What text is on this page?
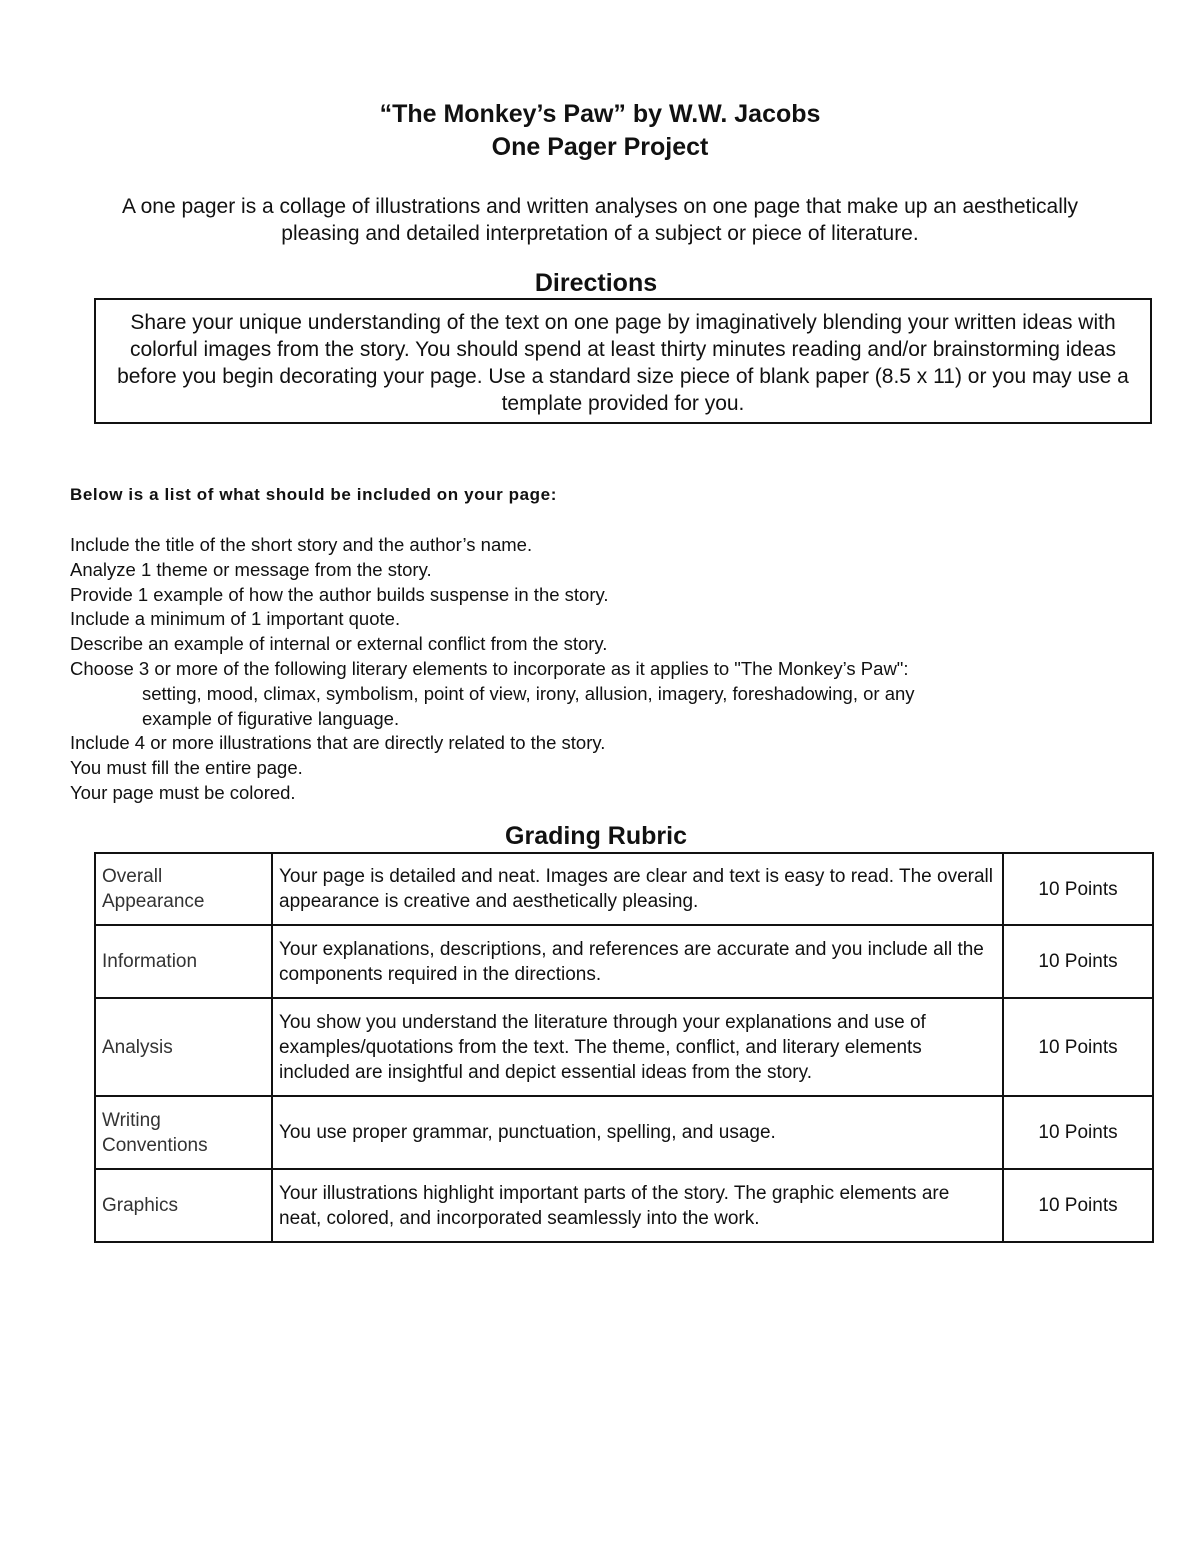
“The Monkey’s Paw” by W.W. Jacobs
One Pager Project
A one pager is a collage of illustrations and written analyses on one page that make up an aesthetically pleasing and detailed interpretation of a subject or piece of literature.
Directions
Share your unique understanding of the text on one page by imaginatively blending your written ideas with colorful images from the story. You should spend at least thirty minutes reading and/or brainstorming ideas before you begin decorating your page. Use a standard size piece of blank paper (8.5 x 11) or you may use a template provided for you.
Below is a list of what should be included on your page:
Include the title of the short story and the author’s name.
Analyze 1 theme or message from the story.
Provide 1 example of how the author builds suspense in the story.
Include a minimum of 1 important quote.
Describe an example of internal or external conflict from the story.
Choose 3 or more of the following literary elements to incorporate as it applies to "The Monkey’s Paw":
setting, mood, climax, symbolism, point of view, irony, allusion, imagery, foreshadowing, or any
example of figurative language.
Include 4 or more illustrations that are directly related to the story.
You must fill the entire page.
Your page must be colored.
Grading Rubric
Overall
Appearance	Your page is detailed and neat. Images are clear and text is easy to read. The overall appearance is creative and aesthetically pleasing.	10 Points

Information	Your explanations, descriptions, and references are accurate and you include all the components required in the directions.	10 Points

Analysis	You show you understand the literature through your explanations and use of examples/quotations from the text. The theme, conflict, and literary elements included are insightful and depict essential ideas from the story.	10 Points

Writing
Conventions	You use proper grammar, punctuation, spelling, and usage.	10 Points

Graphics	Your illustrations highlight important parts of the story. The graphic elements are neat, colored, and incorporated seamlessly into the work.	10 Points
